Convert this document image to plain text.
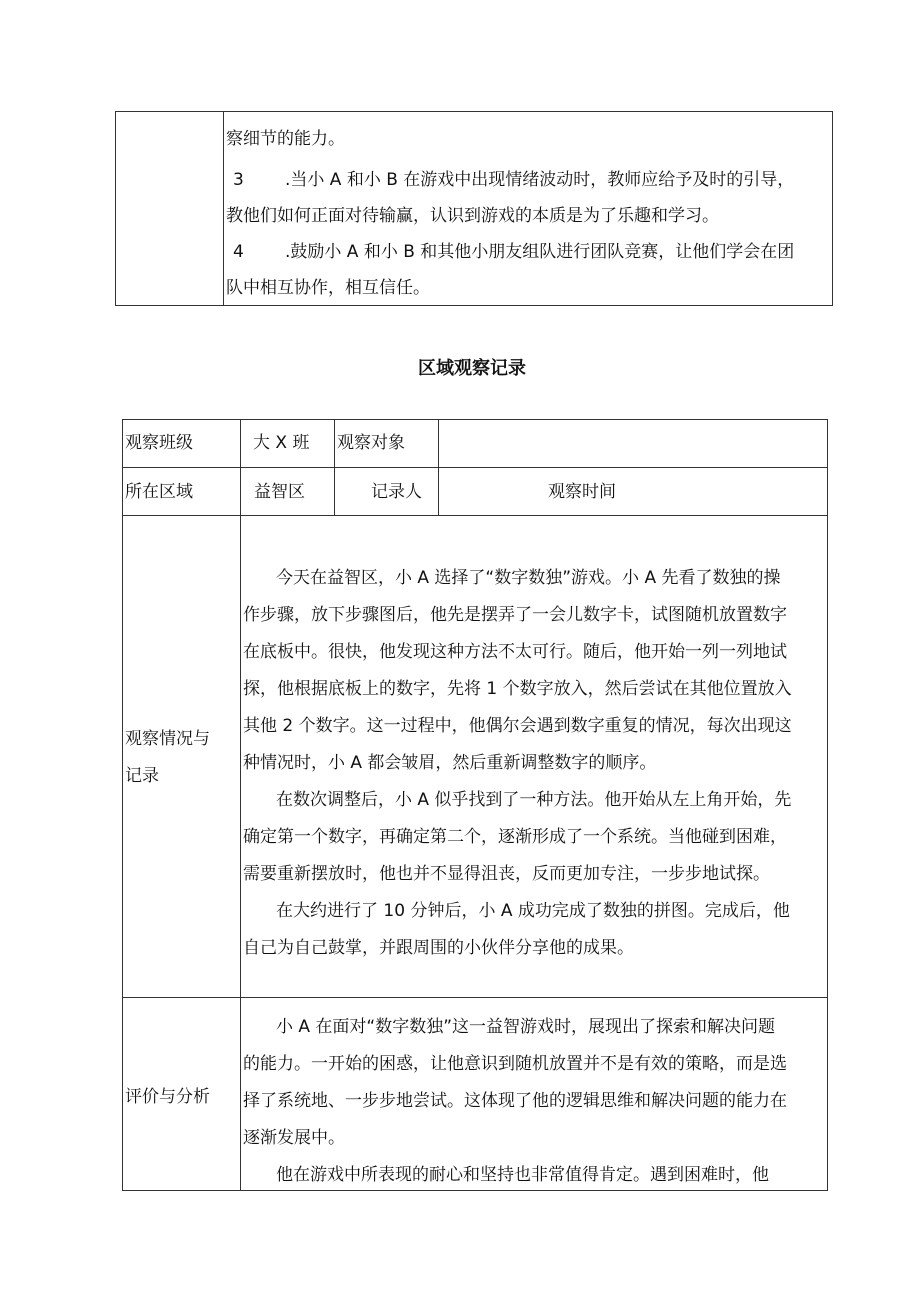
察细节的能力。
3 .当小 A 和小 B 在游戏中出现情绪波动时，教师应给予及时的引导，
教他们如何正面对待输赢，认识到游戏的本质是为了乐趣和学习。
4 .鼓励小 A 和小 B 和其他小朋友组队进行团队竞赛，让他们学会在团
队中相互协作，相互信任。
区域观察记录
观察班级	大 X 班 观察对象
所在区域	益智区	记录人	观察时间
观察情况与
记录
今天在益智区，小 A 选择了“数字数独”游戏。小 A 先看了数独的操
作步骤，放下步骤图后，他先是摆弄了一会儿数字卡，试图随机放置数字
在底板中。很快，他发现这种方法不太可行。随后，他开始一列一列地试
探，他根据底板上的数字，先将 1 个数字放入，然后尝试在其他位置放入
其他 2 个数字。这一过程中，他偶尔会遇到数字重复的情况，每次出现这
种情况时，小 A 都会皱眉，然后重新调整数字的顺序。
在数次调整后，小 A 似乎找到了一种方法。他开始从左上角开始，先
确定第一个数字，再确定第二个，逐渐形成了一个系统。当他碰到困难，
需要重新摆放时，他也并不显得沮丧，反而更加专注，一步步地试探。
在大约进行了 10 分钟后，小 A 成功完成了数独的拼图。完成后，他
自己为自己鼓掌，并跟周围的小伙伴分享他的成果。
评价与分析
小 A 在面对“数字数独”这一益智游戏时，展现出了探索和解决问题
的能力。一开始的困惑，让他意识到随机放置并不是有效的策略，而是选
择了系统地、一步步地尝试。这体现了他的逻辑思维和解决问题的能力在
逐渐发展中。
他在游戏中所表现的耐心和坚持也非常值得肯定。遇到困难时，他
